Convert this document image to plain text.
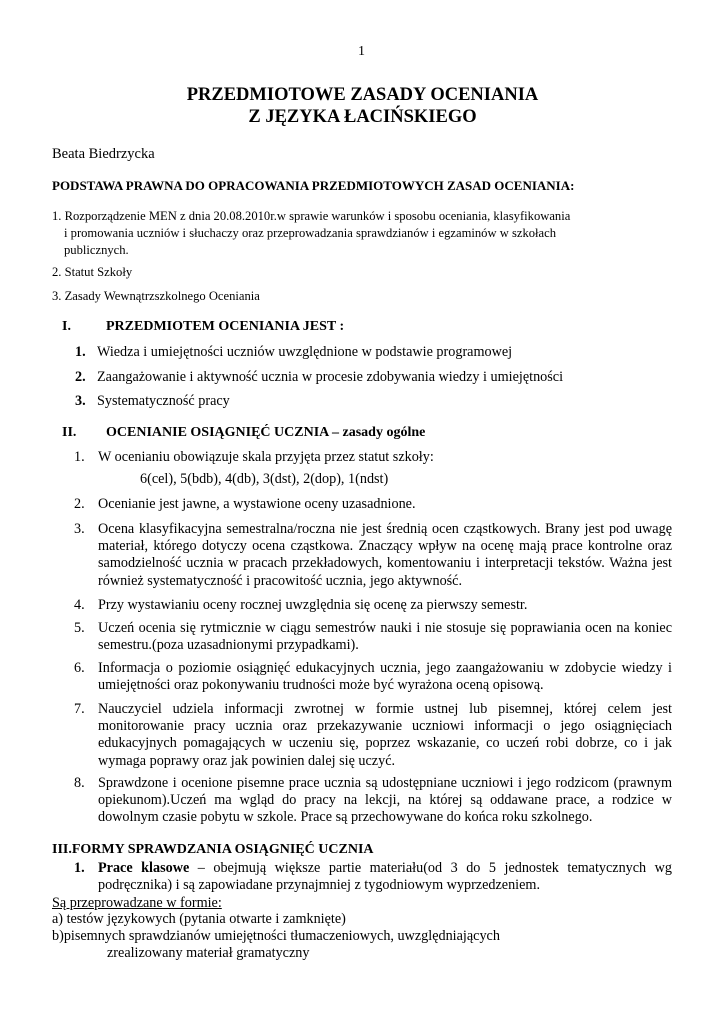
1
PRZEDMIOTOWE ZASADY OCENIANIA
Z JĘZYKA ŁACIŃSKIEGO
Beata Biedrzycka
PODSTAWA PRAWNA DO OPRACOWANIA PRZEDMIOTOWYCH ZASAD OCENIANIA:
1. Rozporządzenie MEN z dnia 20.08.2010r.w sprawie warunków i sposobu oceniania, klasyfikowania
i promowania uczniów i słuchaczy oraz przeprowadzania sprawdzianów i egzaminów w szkołach
publicznych.
2. Statut Szkoły
3. Zasady Wewnątrzszkolnego Oceniania
I.	PRZEDMIOTEM OCENIANIA JEST :
1. Wiedza i umiejętności uczniów uwzględnione w podstawie programowej
2. Zaangażowanie i aktywność ucznia w procesie zdobywania wiedzy i umiejętności
3. Systematyczność pracy
II. OCENIANIE OSIĄGNIĘĆ UCZNIA – zasady ogólne
1. W ocenianiu obowiązuje skala przyjęta przez statut szkoły:
6(cel), 5(bdb), 4(db), 3(dst), 2(dop), 1(ndst)
2. Ocenianie jest jawne, a wystawione oceny uzasadnione.
3. Ocena klasyfikacyjna semestralna/roczna nie jest średnią ocen cząstkowych. Brany jest pod uwagę materiał, którego dotyczy ocena cząstkowa. Znaczący wpływ na ocenę mają prace kontrolne oraz samodzielność ucznia w pracach przekładowych, komentowaniu i interpretacji tekstów. Ważna jest również systematyczność i pracowitość ucznia, jego aktywność.
4. Przy wystawianiu oceny rocznej uwzględnia się ocenę za pierwszy semestr.
5. Uczeń ocenia się rytmicznie w ciągu semestrów nauki i nie stosuje się poprawiania ocen na koniec semestru.(poza uzasadnionymi przypadkami).
6. Informacja o poziomie osiągnięć edukacyjnych ucznia, jego zaangażowaniu w zdobycie wiedzy i umiejętności oraz pokonywaniu trudności może być wyrażona oceną opisową.
7. Nauczyciel udziela informacji zwrotnej w formie ustnej lub pisemnej, której celem jest monitorowanie pracy ucznia oraz przekazywanie uczniowi informacji o jego osiągnięciach edukacyjnych pomagających w uczeniu się, poprzez wskazanie, co uczeń robi dobrze, co i jak wymaga poprawy oraz jak powinien dalej się uczyć.
8. Sprawdzone i ocenione pisemne prace ucznia są udostępniane uczniowi i jego rodzicom (prawnym opiekunom).Uczeń ma wgląd do pracy na lekcji, na której są oddawane prace, a rodzice w dowolnym czasie pobytu w szkole. Prace są przechowywane do końca roku szkolnego.
III.FORMY SPRAWDZANIA OSIĄGNIĘĆ UCZNIA
1. Prace klasowe – obejmują większe partie materiału(od 3 do 5 jednostek tematycznych wg podręcznika) i są zapowiadane przynajmniej z tygodniowym wyprzedzeniem.
Są przeprowadzane w formie:
a) testów językowych (pytania otwarte i zamknięte)
b)pisemnych sprawdzianów umiejętności tłumaczeniowych, uwzględniających
zrealizowany materiał gramatyczny
